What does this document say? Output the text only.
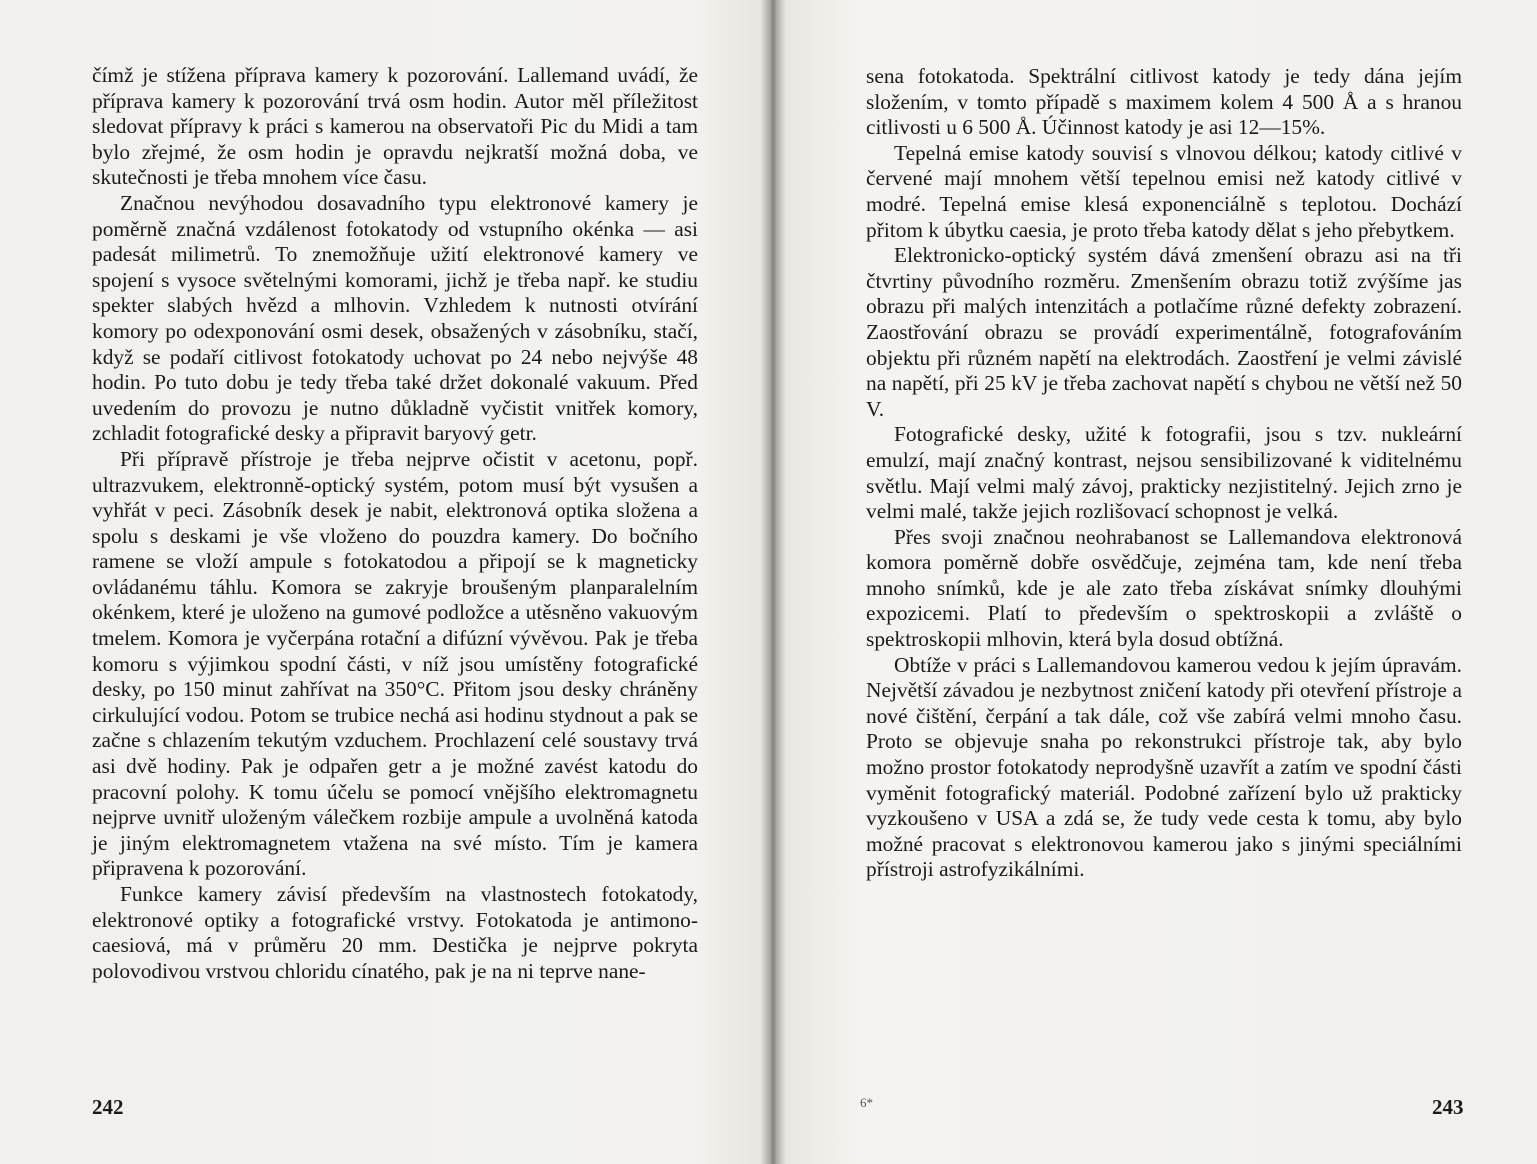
čímž je stížena příprava kamery k pozorování. Lallemand uvádí, že příprava kamery k pozorování trvá osm hodin. Autor měl příležitost sledovat přípravy k práci s kamerou na observatoři Pic du Midi a tam bylo zřejmé, že osm hodin je opravdu nejkratší možná doba, ve skutečnosti je třeba mnohem více času.

Značnou nevýhodou dosavadního typu elektronové kamery je poměrně značná vzdálenost fotokatody od vstupního okénka — asi padesát milimetrů. To znemožňuje užití elektronové kamery ve spojení s vysoce světelnými komorami, jichž je třeba např. ke studiu spekter slabých hvězd a mlhovin. Vzhledem k nutnosti otvírání komory po odexponování osmi desek, obsažených v zásobníku, stačí, když se podaří citlivost fotokatody uchovat po 24 nebo nejvýše 48 hodin. Po tuto dobu je tedy třeba také držet dokonalé vakuum. Před uvedením do provozu je nutno důkladně vyčistit vnitřek komory, zchladit fotografické desky a připravit baryový getr.

Při přípravě přístroje je třeba nejprve očistit v acetonu, popř. ultrazvukem, elektronně-optický systém, potom musí být vysušen a vyhřát v peci. Zásobník desek je nabit, elektronová optika složena a spolu s deskami je vše vloženo do pouzdra kamery. Do bočního ramene se vloží ampule s fotokatodou a připojí se k magneticky ovládanému táhlu. Komora se zakryje broušeným planparalelním okénkem, které je uloženo na gumové podložce a utěsněno vakuovým tmelem. Komora je vyčerpána rotační a difúzní vývěvou. Pak je třeba komoru s výjimkou spodní části, v níž jsou umístěny fotografické desky, po 150 minut zahřívat na 350°C. Přitom jsou desky chráněny cirkulující vodou. Potom se trubice nechá asi hodinu stydnout a pak se začne s chlazením tekutým vzduchem. Prochlazení celé soustavy trvá asi dvě hodiny. Pak je odpařen getr a je možné zavést katodu do pracovní polohy. K tomu účelu se pomocí vnějšího elektromagnetu nejprve uvnitř uloženým válečkem rozbije ampule a uvolněná katoda je jiným elektromagnetem vtažena na své místo. Tím je kamera připravena k pozorování.

Funkce kamery závisí především na vlastnostech fotokatody, elektronové optiky a fotografické vrstvy. Fotokatoda je antimono-caesiová, má v průměru 20 mm. Destička je nejprve pokryta polovodivou vrstvou chloridu cínatého, pak je na ni teprve nane-

242

sena fotokatoda. Spektrální citlivost katody je tedy dána jejím složením, v tomto případě s maximem kolem 4 500 Å a s hranou citlivosti u 6 500 Å. Účinnost katody je asi 12—15%.

Tepelná emise katody souvisí s vlnovou délkou; katody citlivé v červené mají mnohem větší tepelnou emisi než katody citlivé v modré. Tepelná emise klesá exponenciálně s teplotou. Dochází přitom k úbytku caesia, je proto třeba katody dělat s jeho přebytkem.

Elektronicko-optický systém dává zmenšení obrazu asi na tři čtvrtiny původního rozměru. Zmenšením obrazu totiž zvýšíme jas obrazu při malých intenzitách a potlačíme různé defekty zobrazení. Zaostřování obrazu se provádí experimentálně, fotografováním objektu při různém napětí na elektrodách. Zaostření je velmi závislé na napětí, při 25 kV je třeba zachovat napětí s chybou ne větší než 50 V.

Fotografické desky, užité k fotografii, jsou s tzv. nukleární emulzí, mají značný kontrast, nejsou sensibilizované k viditelnému světlu. Mají velmi malý závoj, prakticky nezjistitelný. Jejich zrno je velmi malé, takže jejich rozlišovací schopnost je velká.

Přes svoji značnou neohrabanost se Lallemandova elektronová komora poměrně dobře osvědčuje, zejména tam, kde není třeba mnoho snímků, kde je ale zato třeba získávat snímky dlouhými expozicemi. Platí to především o spektroskopii a zvláště o spektroskopii mlhovin, která byla dosud obtížná.

Obtíže v práci s Lallemandovou kamerou vedou k jejím úpravám. Největší závadou je nezbytnost zničení katody při otevření přístroje a nové čištění, čerpání a tak dále, což vše zabírá velmi mnoho času. Proto se objevuje snaha po rekonstrukci přístroje tak, aby bylo možno prostor fotokatody neprodyšně uzavřít a zatím ve spodní části vyměnit fotografický materiál. Podobné zařízení bylo už prakticky vyzkoušeno v USA a zdá se, že tudy vede cesta k tomu, aby bylo možné pracovat s elektronovou kamerou jako s jinými speciálními přístroji astrofyzikálními.

6*	243
